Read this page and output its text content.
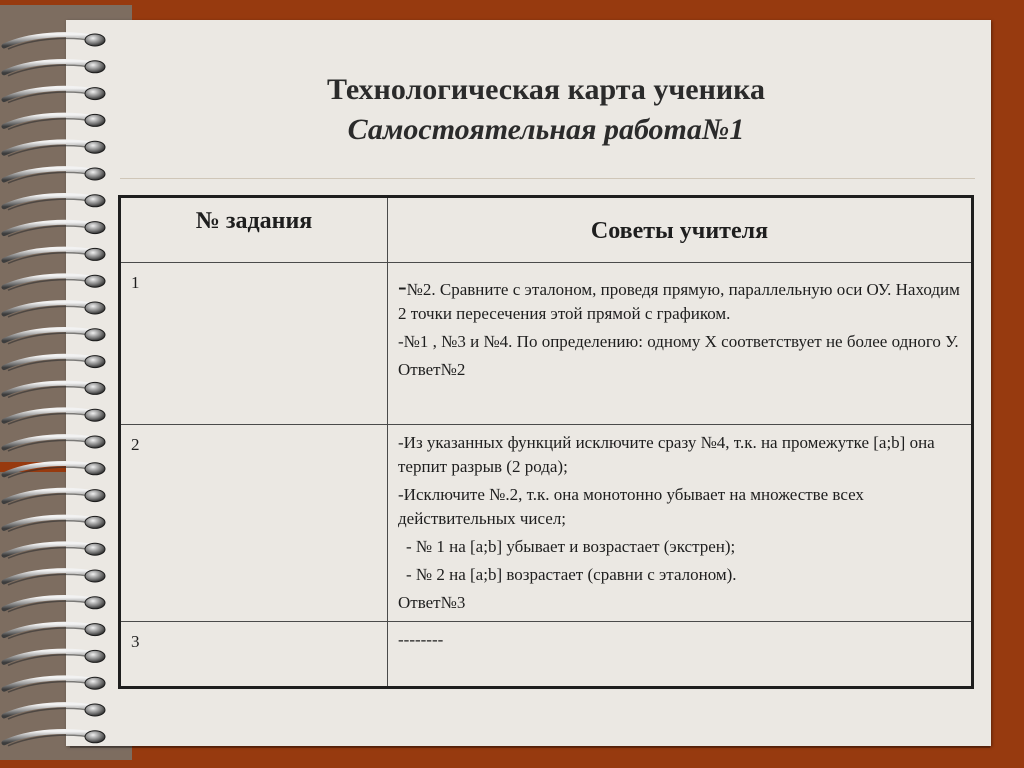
Технологическая карта ученика
Самостоятельная работа№1
№ задания	Советы учителя
1	-№2. Сравните с эталоном, проведя прямую, параллельную оси ОУ. Находим 2 точки пересечения этой прямой с графиком.

-№1 , №3 и №4. По определению: одному Х соответствует не более одного У.

Ответ№2

2	-Из указанных функций исключите сразу №4, т.к. на промежутке [a;b] она терпит разрыв (2 рода);

-Исключите №.2, т.к. она монотонно убывает на множестве всех действительных чисел;

- № 1 на [a;b] убывает и возрастает (экстрен);

- № 2 на [a;b] возрастает (сравни с эталоном).

Ответ№3

3	--------
